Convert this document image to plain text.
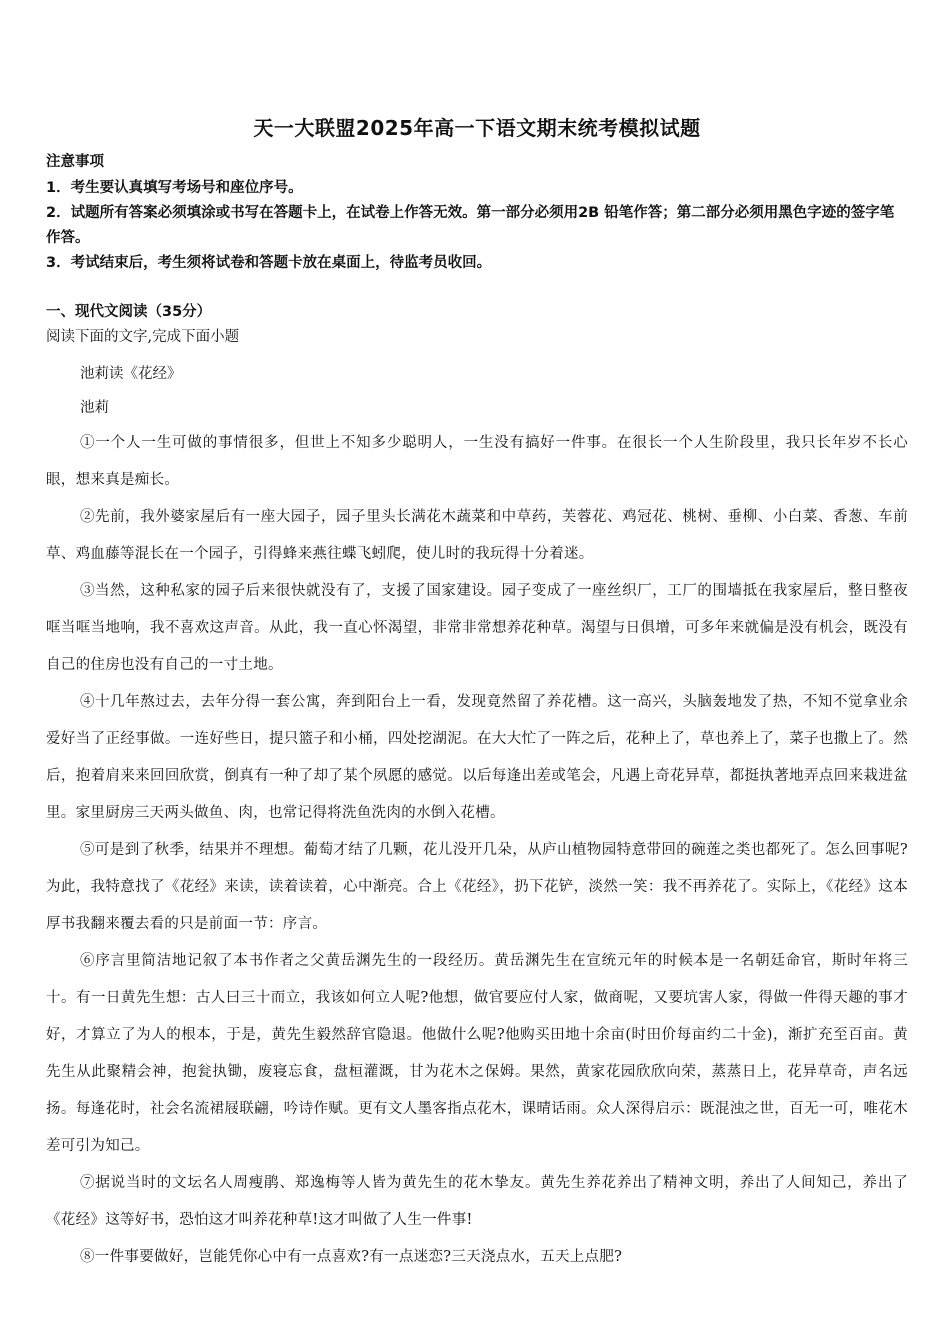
天一大联盟2025年高一下语文期末统考模拟试题
注意事项

1．考生要认真填写考场号和座位序号。

2．试题所有答案必须填涂或书写在答题卡上，在试卷上作答无效。第一部分必须用2B 铅笔作答；第二部分必须用黑色字迹的签字笔作答。

3．考试结束后，考生须将试卷和答题卡放在桌面上，待监考员收回。

一、现代文阅读（35分）
阅读下面的文字,完成下面小题

池莉读《花经》

池莉

①一个人一生可做的事情很多，但世上不知多少聪明人，一生没有搞好一件事。在很长一个人生阶段里，我只长年岁不长心眼，想来真是痴长。

②先前，我外婆家屋后有一座大园子，园子里头长满花木蔬菜和中草药，芙蓉花、鸡冠花、桃树、垂柳、小白菜、香葱、车前草、鸡血藤等混长在一个园子，引得蜂来燕往蝶飞蚓爬，使儿时的我玩得十分着迷。

③当然，这种私家的园子后来很快就没有了，支援了国家建设。园子变成了一座丝织厂，工厂的围墙抵在我家屋后，整日整夜哐当哐当地响，我不喜欢这声音。从此，我一直心怀渴望，非常非常想养花种草。渴望与日俱增，可多年来就偏是没有机会，既没有自己的住房也没有自己的一寸土地。

④十几年熬过去，去年分得一套公寓，奔到阳台上一看，发现竟然留了养花槽。这一高兴，头脑轰地发了热，不知不觉拿业余爱好当了正经事做。一连好些日，提只篮子和小桶，四处挖湖泥。在大大忙了一阵之后，花种上了，草也养上了，菜子也撒上了。然后，抱着肩来来回回欣赏，倒真有一种了却了某个夙愿的感觉。以后每逢出差或笔会，凡遇上奇花异草，都挺执著地弄点回来栽进盆里。家里厨房三天两头做鱼、肉，也常记得将洗鱼洗肉的水倒入花槽。

⑤可是到了秋季，结果并不理想。葡萄才结了几颗，花儿没开几朵，从庐山植物园特意带回的碗莲之类也都死了。怎么回事呢?为此，我特意找了《花经》来读，读着读着，心中渐亮。合上《花经》，扔下花铲，淡然一笑：我不再养花了。实际上，《花经》这本厚书我翻来覆去看的只是前面一节：序言。

⑥序言里简洁地记叙了本书作者之父黄岳渊先生的一段经历。黄岳渊先生在宣统元年的时候本是一名朝廷命官，斯时年将三十。有一日黄先生想：古人曰三十而立，我该如何立人呢?他想，做官要应付人家，做商呢，又要坑害人家，得做一件得天趣的事才好，才算立了为人的根本，于是，黄先生毅然辞官隐退。他做什么呢?他购买田地十余亩(时田价每亩约二十金)，渐扩充至百亩。黄先生从此聚精会神，抱瓮执锄，废寝忘食，盘桓灌溉，甘为花木之保姆。果然，黄家花园欣欣向荣，蒸蒸日上，花异草奇，声名远扬。每逢花时，社会名流裙屐联翩，吟诗作赋。更有文人墨客指点花木，课晴话雨。众人深得启示：既混浊之世，百无一可，唯花木差可引为知己。

⑦据说当时的文坛名人周瘦鹃、郑逸梅等人皆为黄先生的花木挚友。黄先生养花养出了精神文明，养出了人间知己，养出了《花经》这等好书，恐怕这才叫养花种草!这才叫做了人生一件事!

⑧一件事要做好，岂能凭你心中有一点喜欢?有一点迷恋?三天浇点水，五天上点肥?
